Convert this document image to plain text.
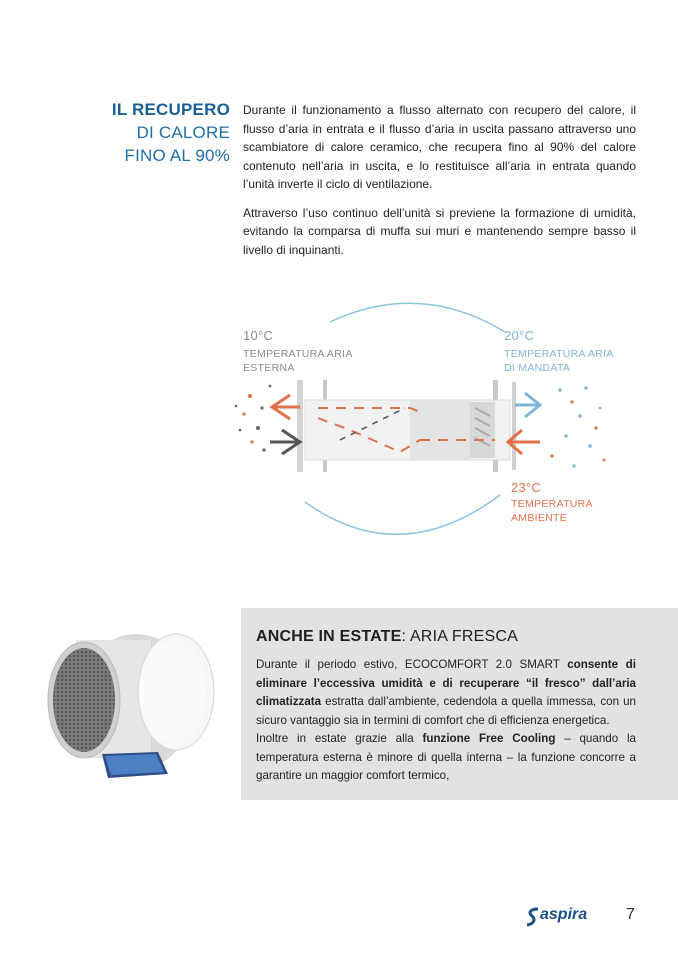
IL RECUPERO
DI CALORE
FINO AL 90%

Durante il funzionamento a flusso alternato con recupero del calore, il flusso d’aria in entrata e il flusso d’aria in uscita passano attraverso uno scambiatore di calore ceramico, che recupera fino al 90% del calore contenuto nell’aria in uscita, e lo restituisce all’aria in entrata quando l’unità inverte il ciclo di ventilazione.

Attraverso l’uso continuo dell’unità si previene la formazione di umidità, evitando la comparsa di muffa sui muri e mantenendo sempre basso il livello di inquinanti.

10°C
TEMPERATURA ARIA
ESTERNA
20°C
TEMPERATURA ARIA
DI MANDATA
23°C
TEMPERATURA
AMBIENTE
ANCHE IN ESTATE: ARIA FRESCA

Durante il periodo estivo, ECOCOMFORT 2.0 SMART consente di eliminare l’eccessiva umidità e di recuperare “il fresco” dall’aria climatizzata estratta dall’ambiente, cedendola a quella immessa, con un sicuro vantaggio sia in termini di comfort che di efficienza energetica.

Inoltre in estate grazie alla funzione Free Cooling – quando la temperatura esterna è minore di quella interna – la funzione concorre a garantire un maggior comfort termico,

aspira 7
